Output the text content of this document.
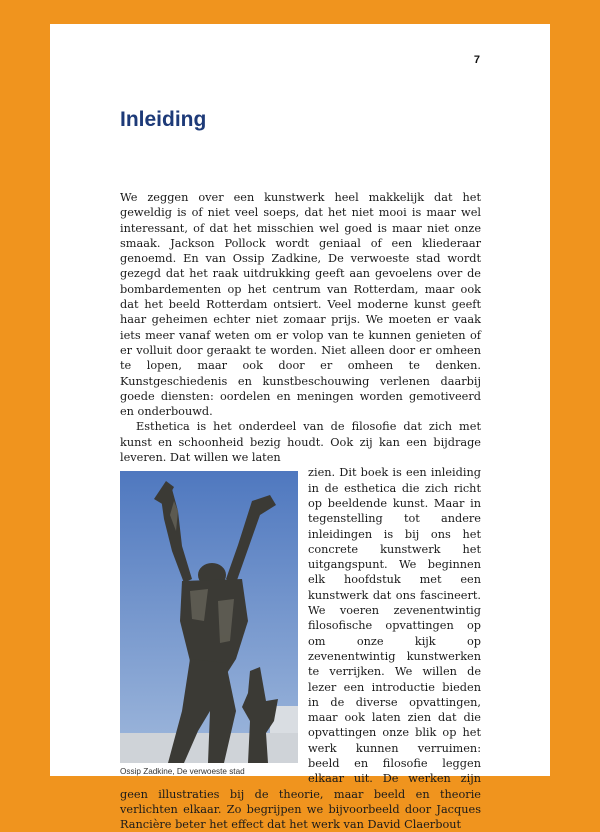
7
Inleiding

We zeggen over een kunstwerk heel makkelijk dat het geweldig is of niet veel soeps, dat het niet mooi is maar wel interessant, of dat het misschien wel goed is maar niet onze smaak. Jackson Pollock wordt geniaal of een kliederaar genoemd. En van Ossip Zadkine, De verwoeste stad wordt gezegd dat het raak uitdrukking geeft aan gevoelens over de bombardementen op het centrum van Rotterdam, maar ook dat het beeld Rotterdam ontsiert. Veel moderne kunst geeft haar geheimen echter niet zomaar prijs. We moeten er vaak iets meer vanaf weten om er volop van te kunnen genieten of er volluit door geraakt te worden. Niet alleen door er omheen te lopen, maar ook door er omheen te denken. Kunstgeschiedenis en kunstbeschouwing verlenen daarbij goede diensten: oordelen en meningen worden gemotiveerd en onderbouwd.

Esthetica is het onderdeel van de filosofie dat zich met kunst en schoonheid bezig houdt. Ook zij kan een bijdrage leveren. Dat willen we laten

Ossip Zadkine, De verwoeste stad
zien. Dit boek is een inleiding in de esthetica die zich richt op beeldende kunst. Maar in tegenstelling tot andere inleidingen is bij ons het concrete kunstwerk het uitgangspunt. We beginnen elk hoofdstuk met een kunstwerk dat ons fascineert. We voeren zevenentwintig filosofische opvattingen op om onze kijk op zevenentwintig kunstwerken te verrijken. We willen de lezer een introductie bieden in de diverse opvattingen, maar ook laten zien dat die opvattingen onze blik op het werk kunnen verruimen: beeld en filosofie leggen elkaar uit. De werken zijn geen illustraties bij de theorie, maar beeld en theorie verlichten elkaar. Zo begrijpen we bijvoorbeeld door Jacques Rancière beter het effect dat het werk van David Claerbout
